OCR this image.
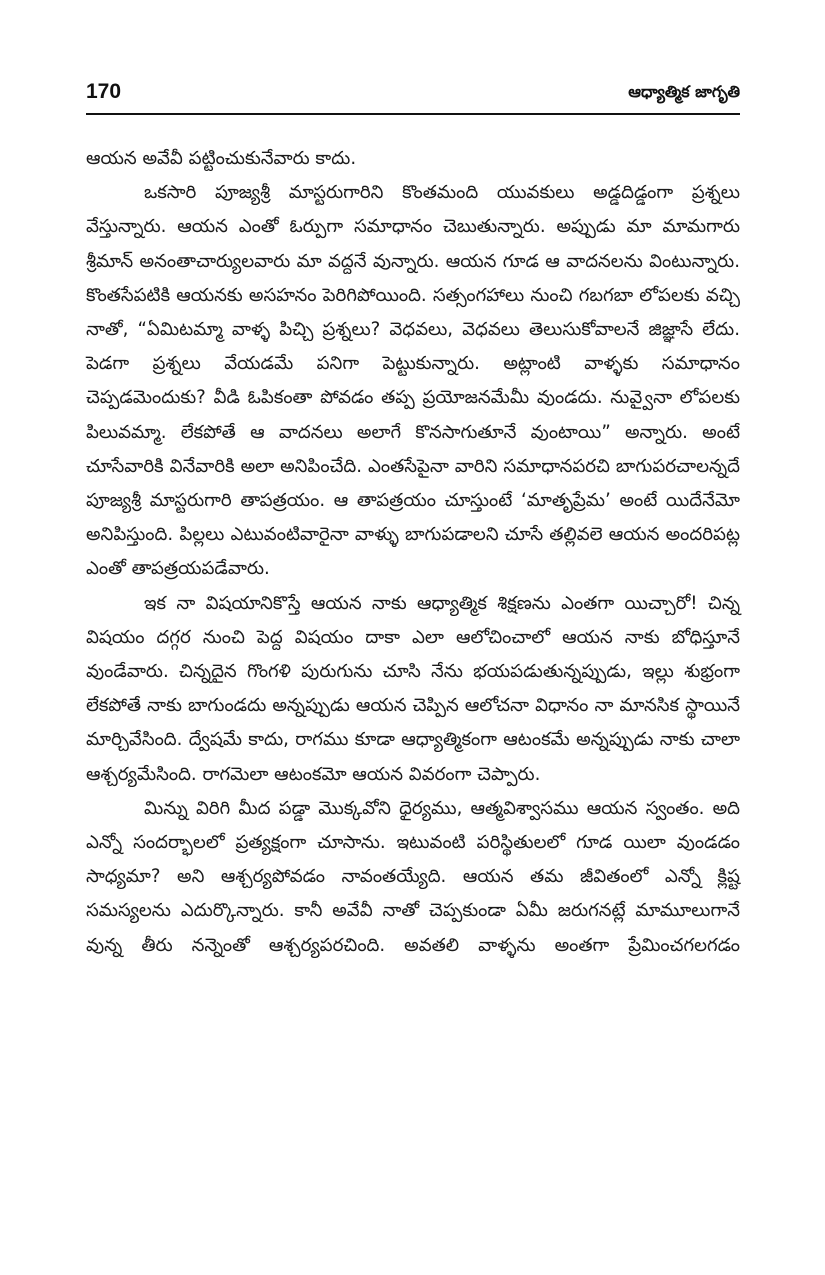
170	ఆధ్యాత్మిక జాగృతి

ఆయన అవేవీ పట్టించుకునేవారు కాదు.

ఒకసారి పూజ్యశ్రీ మాస్టరుగారిని కొంతమంది యువకులు అడ్డదిడ్డంగా ప్రశ్నలు వేస్తున్నారు. ఆయన ఎంతో ఓర్పుగా సమాధానం చెబుతున్నారు. అప్పుడు మా మామగారు శ్రీమాన్ అనంతాచార్యులవారు మా వద్దనే వున్నారు. ఆయన గూడ ఆ వాదనలను వింటున్నారు. కొంతసేపటికి ఆయనకు అసహనం పెరిగిపోయింది. సత్సంగహాలు నుంచి గబగబా లోపలకు వచ్చి నాతో, “ఏమిటమ్మా వాళ్ళ పిచ్చి ప్రశ్నలు? వెధవలు, వెధవలు తెలుసుకోవాలనే జిజ్ఞాసే లేదు. పెడగా ప్రశ్నలు వేయడమే పనిగా పెట్టుకున్నారు. అట్లాంటి వాళ్ళకు సమాధానం చెప్పడమెందుకు? వీడి ఓపికంతా పోవడం తప్ప ప్రయోజనమేమీ వుండదు. నువ్వైనా లోపలకు పిలువమ్మా. లేకపోతే ఆ వాదనలు అలాగే కొనసాగుతూనే వుంటాయి” అన్నారు. అంటే చూసేవారికి వినేవారికి అలా అనిపించేది. ఎంతసేపైనా వారిని సమాధానపరచి బాగుపరచాలన్నదే పూజ్యశ్రీ మాస్టరుగారి తాపత్రయం. ఆ తాపత్రయం చూస్తుంటే ‘మాతృప్రేమ’ అంటే యిదేనేమో అనిపిస్తుంది. పిల్లలు ఎటువంటివారైనా వాళ్ళు బాగుపడాలని చూసే తల్లివలె ఆయన అందరిపట్ల ఎంతో తాపత్రయపడేవారు.

ఇక నా విషయానికొస్తే ఆయన నాకు ఆధ్యాత్మిక శిక్షణను ఎంతగా యిచ్చారో! చిన్న విషయం దగ్గర నుంచి పెద్ద విషయం దాకా ఎలా ఆలోచించాలో ఆయన నాకు బోధిస్తూనే వుండేవారు. చిన్నదైన గొంగళి పురుగును చూసి నేను భయపడుతున్నప్పుడు, ఇల్లు శుభ్రంగా లేకపోతే నాకు బాగుండదు అన్నప్పుడు ఆయన చెప్పిన ఆలోచనా విధానం నా మానసిక స్థాయినే మార్చివేసింది. ద్వేషమే కాదు, రాగము కూడా ఆధ్యాత్మికంగా ఆటంకమే అన్నప్పుడు నాకు చాలా ఆశ్చర్యమేసింది. రాగమెలా ఆటంకమో ఆయన వివరంగా చెప్పారు.

మిన్ను విరిగి మీద పడ్డా మొక్కవోని ధైర్యము, ఆత్మవిశ్వాసము ఆయన స్వంతం. అది ఎన్నో సందర్భాలలో ప్రత్యక్షంగా చూసాను. ఇటువంటి పరిస్థితులలో గూడ యిలా వుండడం సాధ్యమా? అని ఆశ్చర్యపోవడం నావంతయ్యేది. ఆయన తమ జీవితంలో ఎన్నో క్లిష్ట సమస్యలను ఎదుర్కొన్నారు. కానీ అవేవీ నాతో చెప్పకుండా ఏమీ జరుగనట్లే మామూలుగానే వున్న తీరు నన్నెంతో ఆశ్చర్యపరచింది. అవతలి వాళ్ళను అంతగా ప్రేమించగలగడం
